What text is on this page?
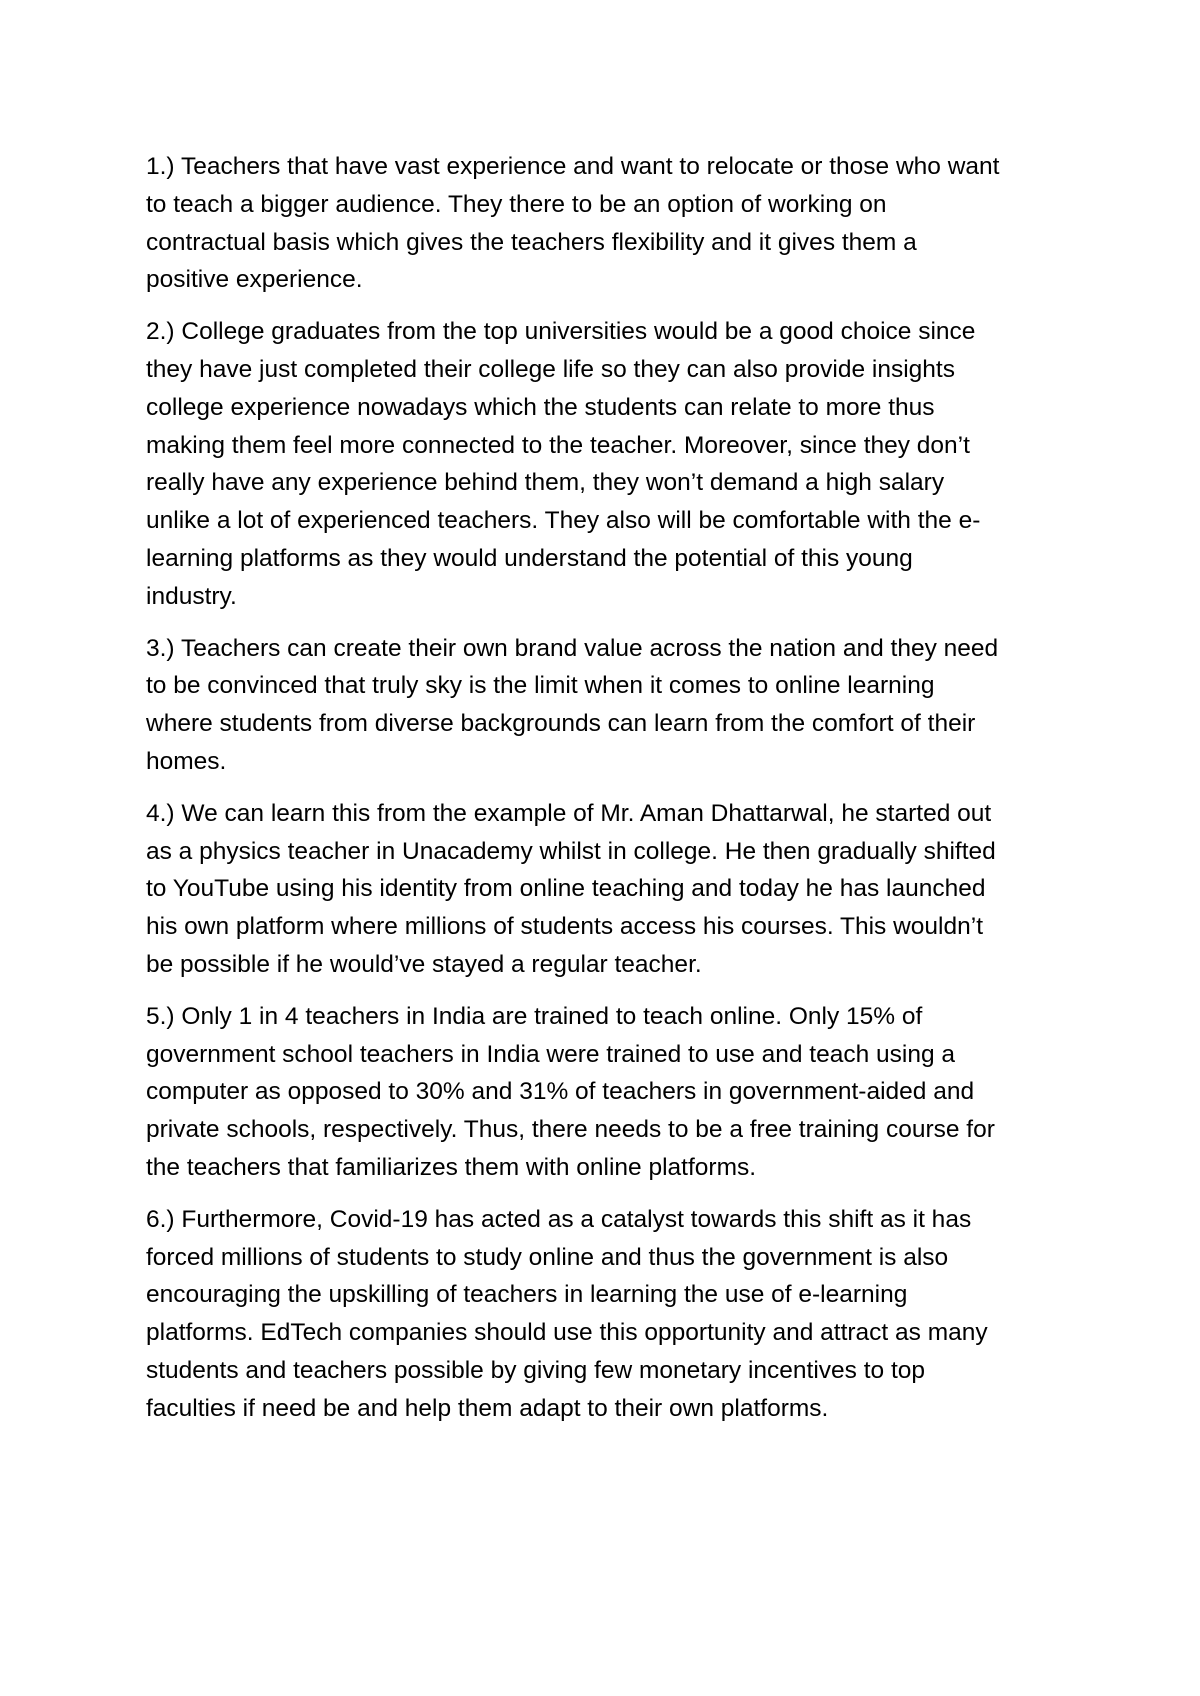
1.) Teachers that have vast experience and want to relocate or those who want
to teach a bigger audience. They there to be an option of working on
contractual basis which gives the teachers flexibility and it gives them a
positive experience.

2.) College graduates from the top universities would be a good choice since
they have just completed their college life so they can also provide insights
college experience nowadays which the students can relate to more thus
making them feel more connected to the teacher. Moreover, since they don’t
really have any experience behind them, they won’t demand a high salary
unlike a lot of experienced teachers. They also will be comfortable with the e-
learning platforms as they would understand the potential of this young
industry.

3.) Teachers can create their own brand value across the nation and they need
to be convinced that truly sky is the limit when it comes to online learning
where students from diverse backgrounds can learn from the comfort of their
homes.

4.) We can learn this from the example of Mr. Aman Dhattarwal, he started out
as a physics teacher in Unacademy whilst in college. He then gradually shifted
to YouTube using his identity from online teaching and today he has launched
his own platform where millions of students access his courses. This wouldn’t
be possible if he would’ve stayed a regular teacher.

5.) Only 1 in 4 teachers in India are trained to teach online. Only 15% of
government school teachers in India were trained to use and teach using a
computer as opposed to 30% and 31% of teachers in government-aided and
private schools, respectively. Thus, there needs to be a free training course for
the teachers that familiarizes them with online platforms.

6.) Furthermore, Covid-19 has acted as a catalyst towards this shift as it has
forced millions of students to study online and thus the government is also
encouraging the upskilling of teachers in learning the use of e-learning
platforms. EdTech companies should use this opportunity and attract as many
students and teachers possible by giving few monetary incentives to top
faculties if need be and help them adapt to their own platforms.
